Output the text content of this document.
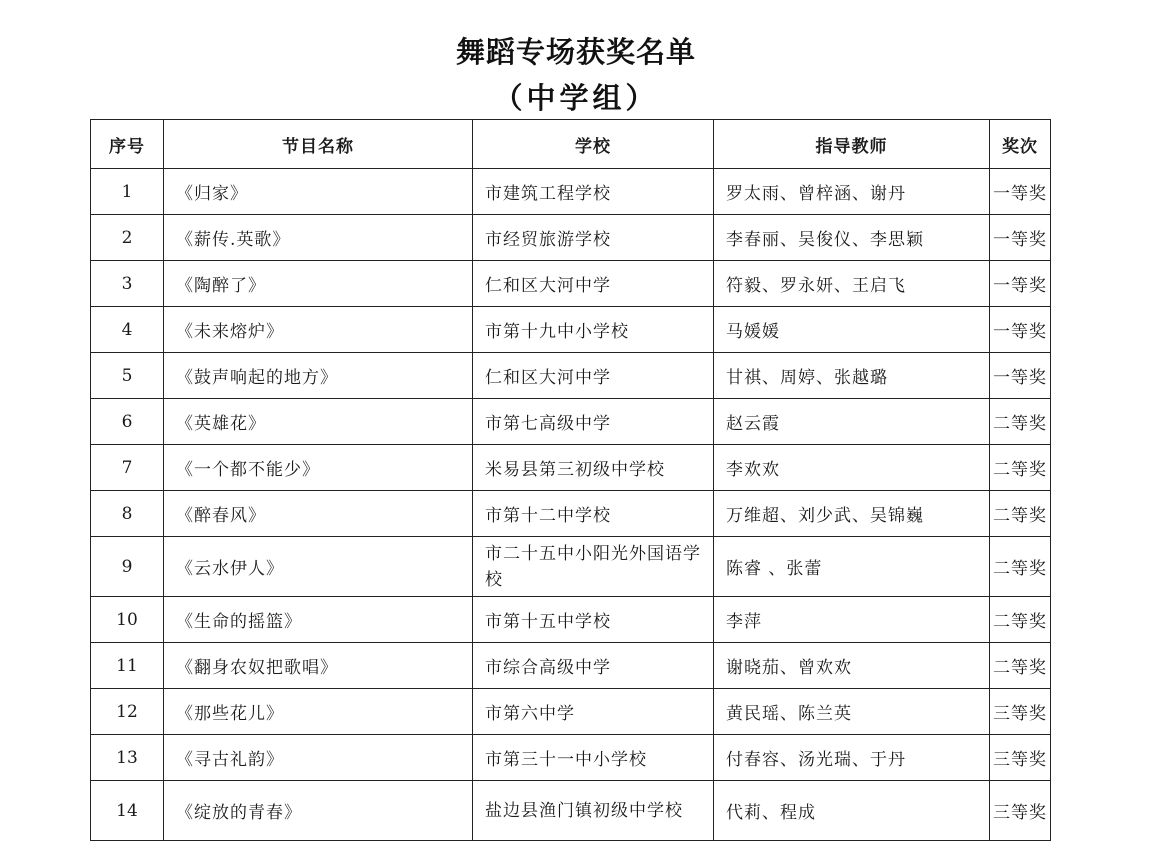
舞蹈专场获奖名单
（中学组）
序号	节目名称	学校	指导教师	奖次
1	《归家》	市建筑工程学校	罗太雨、曾梓涵、谢丹	一等奖
2	《薪传.英歌》	市经贸旅游学校	李春丽、吴俊仪、李思颖	一等奖
3	《陶醉了》	仁和区大河中学	符毅、罗永妍、王启飞	一等奖
4	《未来熔炉》	市第十九中小学校	马媛媛	一等奖
5	《鼓声响起的地方》	仁和区大河中学	甘祺、周婷、张越璐	一等奖
6	《英雄花》	市第七高级中学	赵云霞	二等奖
7	《一个都不能少》	米易县第三初级中学校	李欢欢	二等奖
8	《醉春风》	市第十二中学校	万维超、刘少武、吴锦巍	二等奖
9	《云水伊人》	市二十五中小阳光外国语学校	陈睿 、张蕾	二等奖
10	《生命的摇篮》	市第十五中学校	李萍	二等奖
11	《翻身农奴把歌唱》	市综合高级中学	谢晓茄、曾欢欢	二等奖
12	《那些花儿》	市第六中学	黄民瑶、陈兰英	三等奖
13	《寻古礼韵》	市第三十一中小学校	付春容、汤光瑞、于丹	三等奖
14	《绽放的青春》	盐边县渔门镇初级中学校	代莉、程成	三等奖
